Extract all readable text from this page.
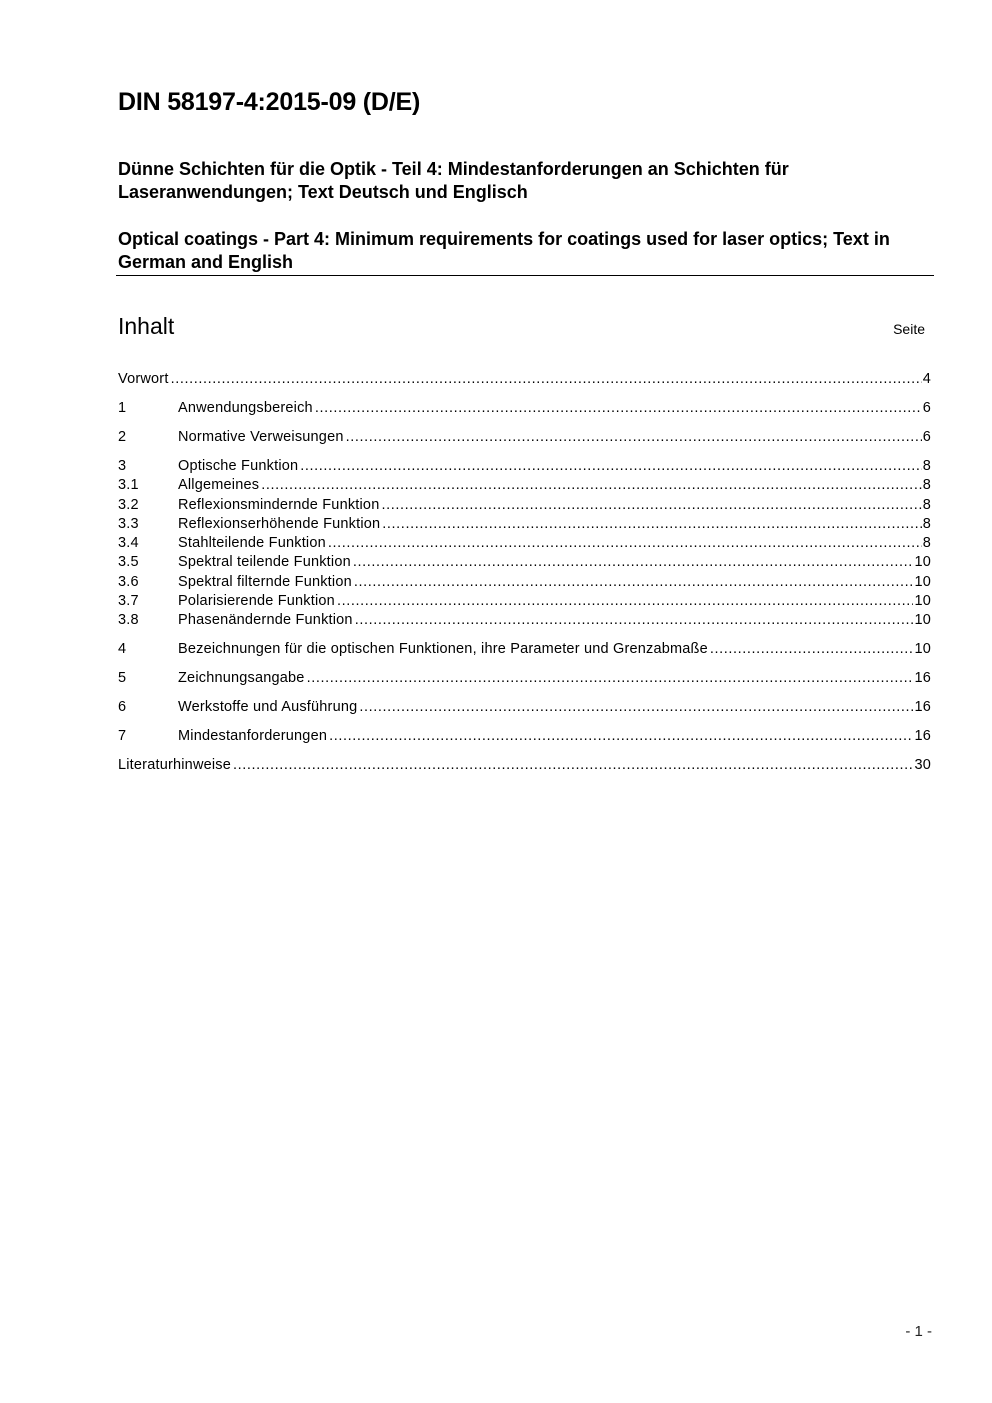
DIN 58197-4:2015-09 (D/E)
Dünne Schichten für die Optik - Teil 4: Mindestanforderungen an Schichten für Laseranwendungen; Text Deutsch und Englisch
Optical coatings - Part 4: Minimum requirements for coatings used for laser optics; Text in German and English
Inhalt	Seite
Vorwort .....	4
1	Anwendungsbereich .....	6
2	Normative Verweisungen .....	6
3	Optische Funktion .....	8
3.1	Allgemeines .....	8
3.2	Reflexionsmindernde Funktion .....	8
3.3	Reflexionserhöhende Funktion .....	8
3.4	Stahlteilende Funktion .....	8
3.5	Spektral teilende Funktion .....	10
3.6	Spektral filternde Funktion .....	10
3.7	Polarisierende Funktion .....	10
3.8	Phasenändernde Funktion .....	10
4	Bezeichnungen für die optischen Funktionen, ihre Parameter und Grenzabmaße .....	10
5	Zeichnungsangabe .....	16
6	Werkstoffe und Ausführung .....	16
7	Mindestanforderungen .....	16
Literaturhinweise .....	30
- 1 -
